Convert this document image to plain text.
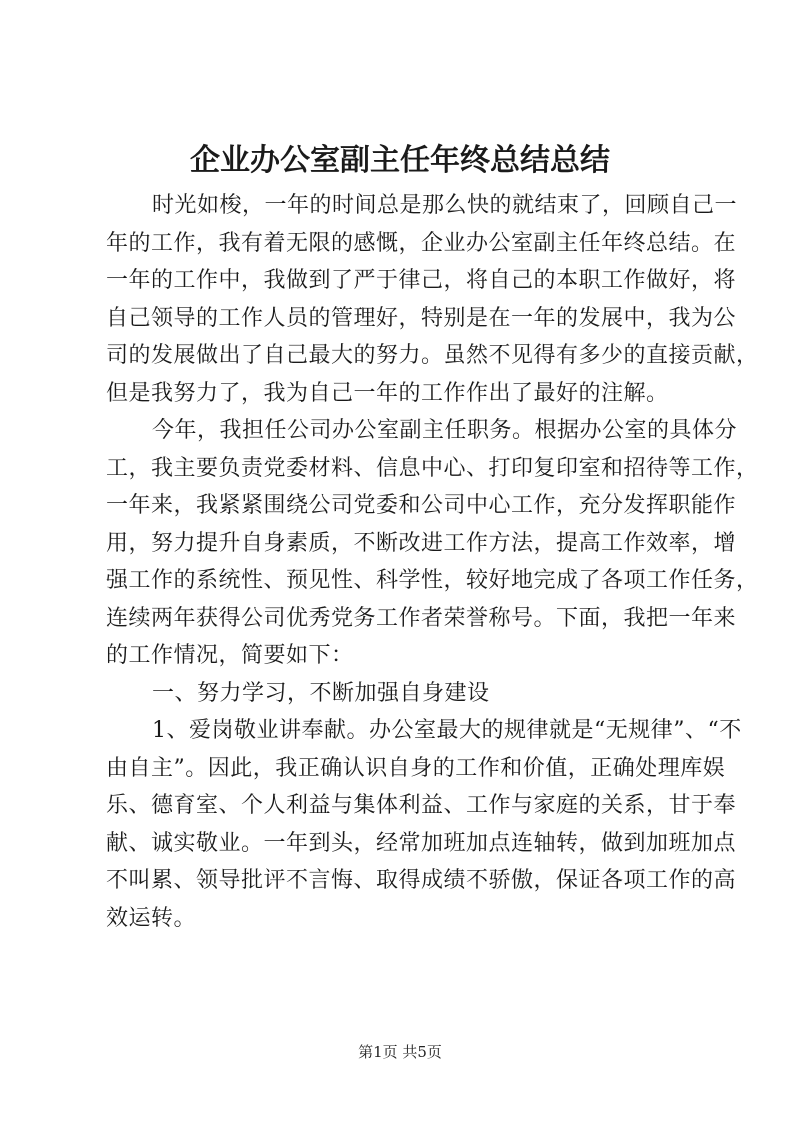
企业办公室副主任年终总结总结

时光如梭，一年的时间总是那么快的就结束了，回顾自己一
年的工作，我有着无限的感慨，企业办公室副主任年终总结。在
一年的工作中，我做到了严于律己，将自己的本职工作做好，将
自己领导的工作人员的管理好，特别是在一年的发展中，我为公
司的发展做出了自己最大的努力。虽然不见得有多少的直接贡献，
但是我努力了，我为自己一年的工作作出了最好的注解。

今年，我担任公司办公室副主任职务。根据办公室的具体分
工，我主要负责党委材料、信息中心、打印复印室和招待等工作，
一年来，我紧紧围绕公司党委和公司中心工作，充分发挥职能作
用，努力提升自身素质，不断改进工作方法，提高工作效率，增
强工作的系统性、预见性、科学性，较好地完成了各项工作任务，
连续两年获得公司优秀党务工作者荣誉称号。下面，我把一年来
的工作情况，简要如下：

一、努力学习，不断加强自身建设

1、爱岗敬业讲奉献。办公室最大的规律就是“无规律”、“不
由自主”。因此，我正确认识自身的工作和价值，正确处理库娱
乐、德育室、个人利益与集体利益、工作与家庭的关系，甘于奉
献、诚实敬业。一年到头，经常加班加点连轴转，做到加班加点
不叫累、领导批评不言悔、取得成绩不骄傲，保证各项工作的高
效运转。

第1页 共5页
